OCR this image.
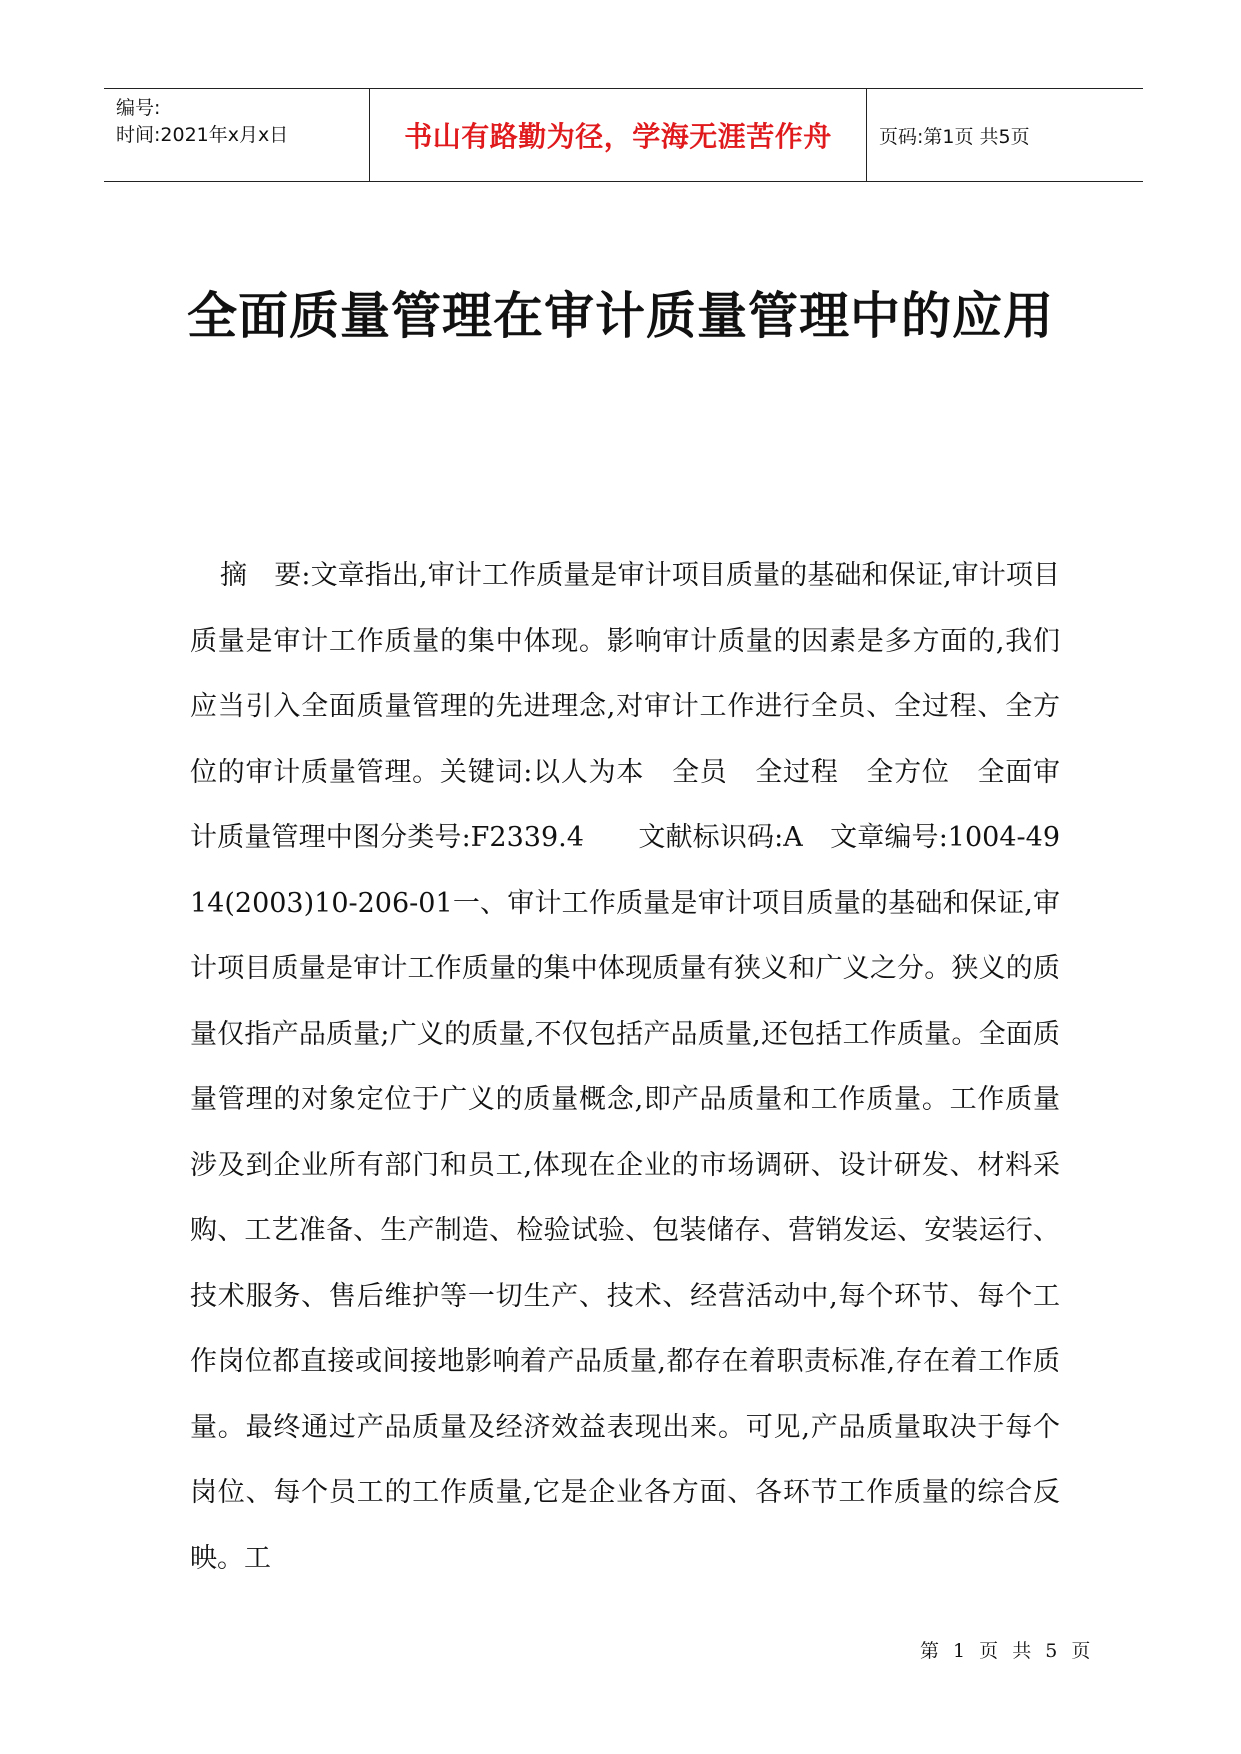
编号:
时间:2021年x月x日	书山有路勤为径，学海无涯苦作舟 页码:第1页 共5页
全面质量管理在审计质量管理中的应用

摘　要:文章指出,审计工作质量是审计项目质量的基础和保证,审计项目质量是审计工作质量的集中体现。影响审计质量的因素是多方面的,我们应当引入全面质量管理的先进理念,对审计工作进行全员、全过程、全方位的审计质量管理。关键词:以人为本　全员　全过程　全方位　全面审计质量管理中图分类号:F2339.4　　文献标识码:A　文章编号:1004-4914(2003)10-206-01一、审计工作质量是审计项目质量的基础和保证,审计项目质量是审计工作质量的集中体现质量有狭义和广义之分。狭义的质量仅指产品质量;广义的质量,不仅包括产品质量,还包括工作质量。全面质量管理的对象定位于广义的质量概念,即产品质量和工作质量。工作质量涉及到企业所有部门和员工,体现在企业的市场调研、设计研发、材料采购、工艺准备、生产制造、检验试验、包装储存、营销发运、安装运行、技术服务、售后维护等一切生产、技术、经营活动中,每个环节、每个工作岗位都直接或间接地影响着产品质量,都存在着职责标准,存在着工作质量。最终通过产品质量及经济效益表现出来。可见,产品质量取决于每个岗位、每个员工的工作质量,它是企业各方面、各环节工作质量的综合反映。工

第 1 页 共 5 页
